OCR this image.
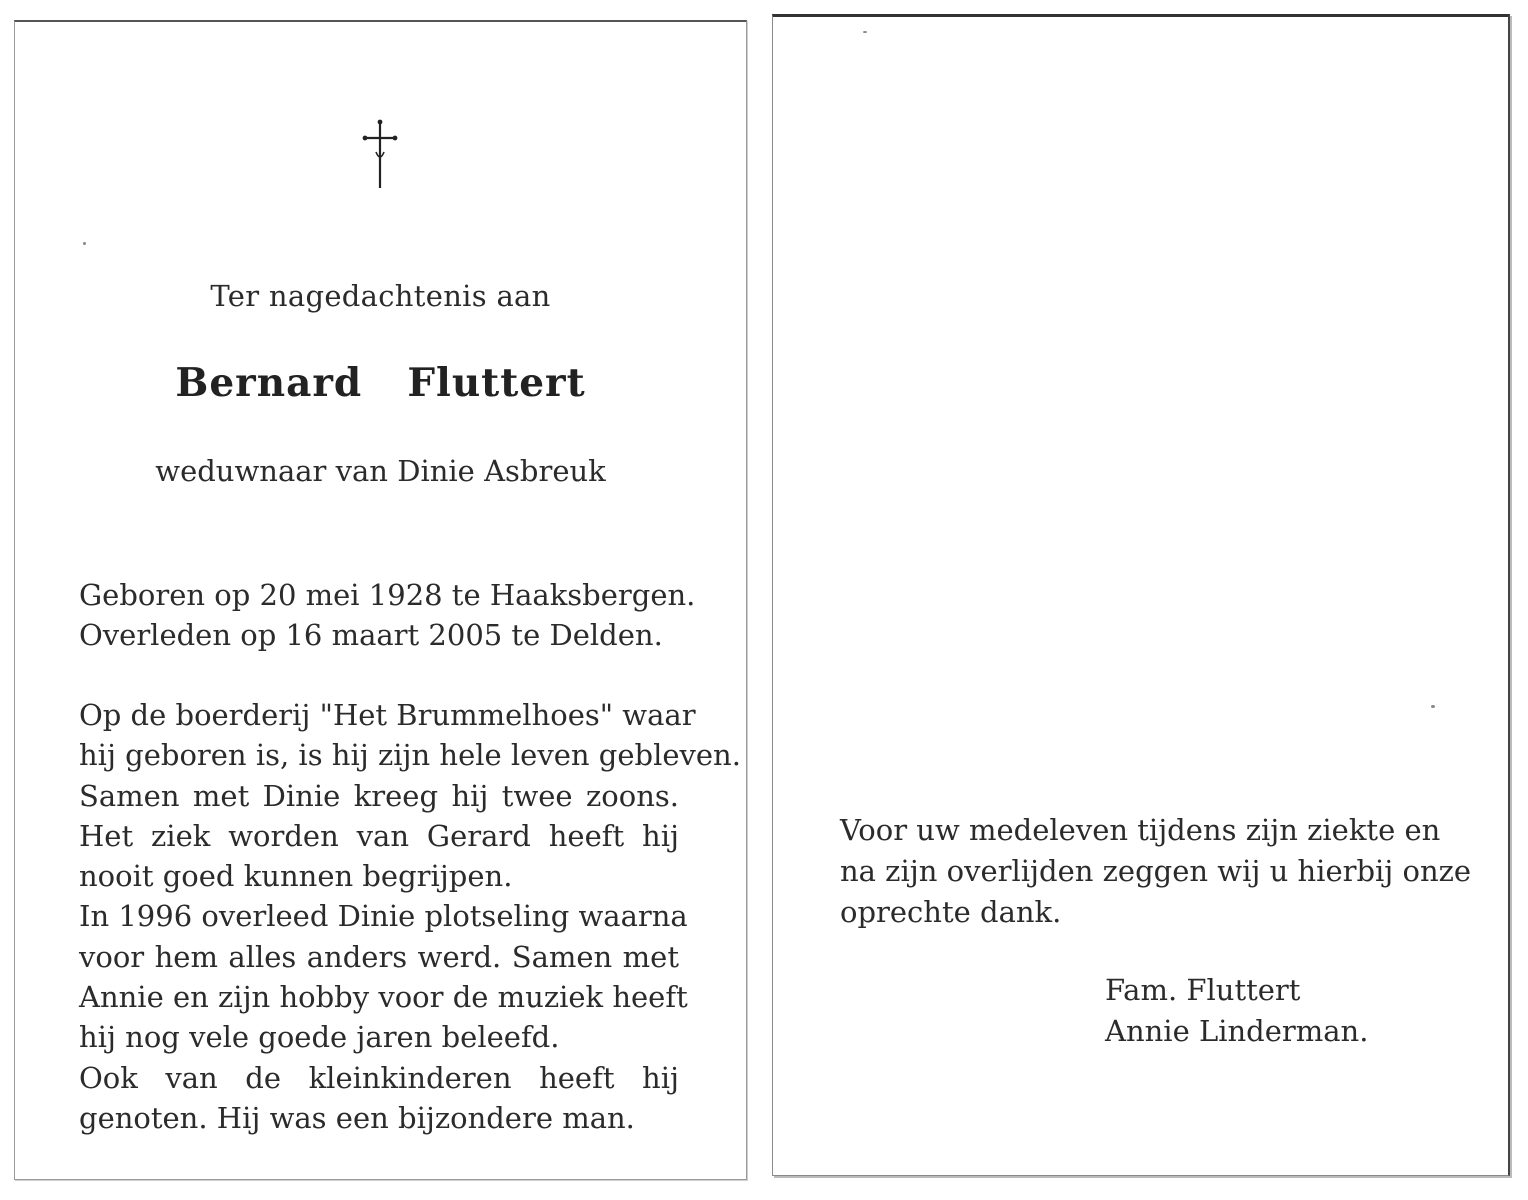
Ter nagedachtenis aan
Bernard  Fluttert
weduwnaar van Dinie Asbreuk
Geboren op 20 mei 1928 te Haaksbergen.
Overleden op 16 maart 2005 te Delden.
Op de boerderij "Het Brummelhoes" waar
hij geboren is, is hij zijn hele leven gebleven.
Samen met Dinie kreeg hij twee zoons.
Het ziek worden van Gerard heeft hij
nooit goed kunnen begrijpen.
In 1996 overleed Dinie plotseling waarna
voor hem alles anders werd. Samen met
Annie en zijn hobby voor de muziek heeft
hij nog vele goede jaren beleefd.
Ook van de kleinkinderen heeft hij
genoten. Hij was een bijzondere man.
Voor uw medeleven tijdens zijn ziekte en
na zijn overlijden zeggen wij u hierbij onze
oprechte dank.
Fam. Fluttert
Annie Linderman.
